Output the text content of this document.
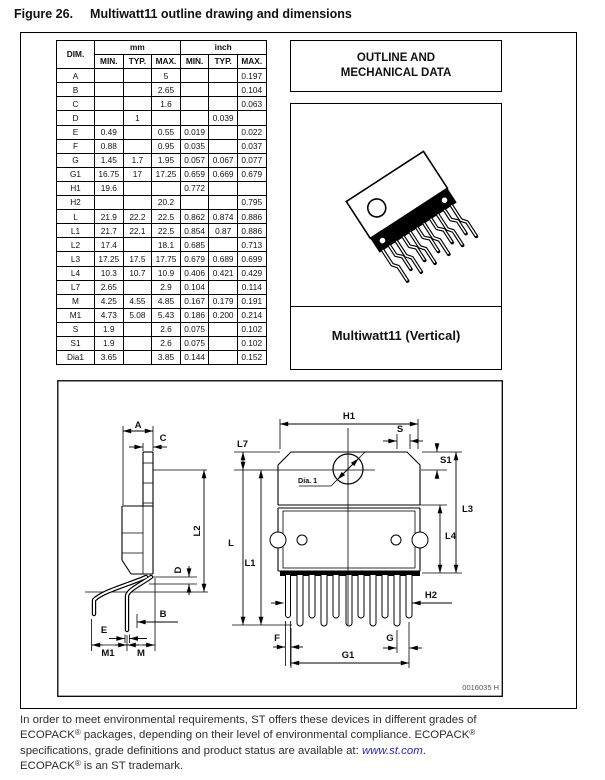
Figure 26. Multiwatt11 outline drawing and dimensions
DIM.	mm			inch		
	MIN.	TYP.	MAX.	MIN.	TYP.	MAX.
A			5			0.197
B			2.65			0.104
C			1.6			0.063
D		1			0.039	
E	0.49		0.55	0.019		0.022
F	0.88		0.95	0.035		0.037
G	1.45	1.7	1.95	0.057	0.067	0.077
G1	16.75	17	17.25	0.659	0.669	0.679
H1	19.6			0.772		
H2			20.2			0.795
L	21.9	22.2	22.5	0.862	0.874	0.886
L1	21.7	22.1	22.5	0.854	0.87	0.886
L2	17.4		18.1	0.685		0.713
L3	17.25	17.5	17.75	0.679	0.689	0.699
L4	10.3	10.7	10.9	0.406	0.421	0.429
L7	2.65		2.9	0.104		0.114
M	4.25	4.55	4.85	0.167	0.179	0.191
M1	4.73	5.08	5.43	0.186	0.200	0.214
S	1.9		2.6	0.075		0.102
S1	1.9		2.6	0.075		0.102
Dia1	3.65		3.85	0.144		0.152
OUTLINE AND
MECHANICAL DATA
Multiwatt11 (Vertical)
A
C
D
L2
B
E
M1 M
Dia. 1
H1
S
S1
L3
L4
L7
L
L1
H2
F	G
G1
0016035 H
In order to meet environmental requirements, ST offers these devices in different grades of
ECOPACK® packages, depending on their level of environmental compliance. ECOPACK®
specifications, grade definitions and product status are available at: www.st.com.
ECOPACK® is an ST trademark.
